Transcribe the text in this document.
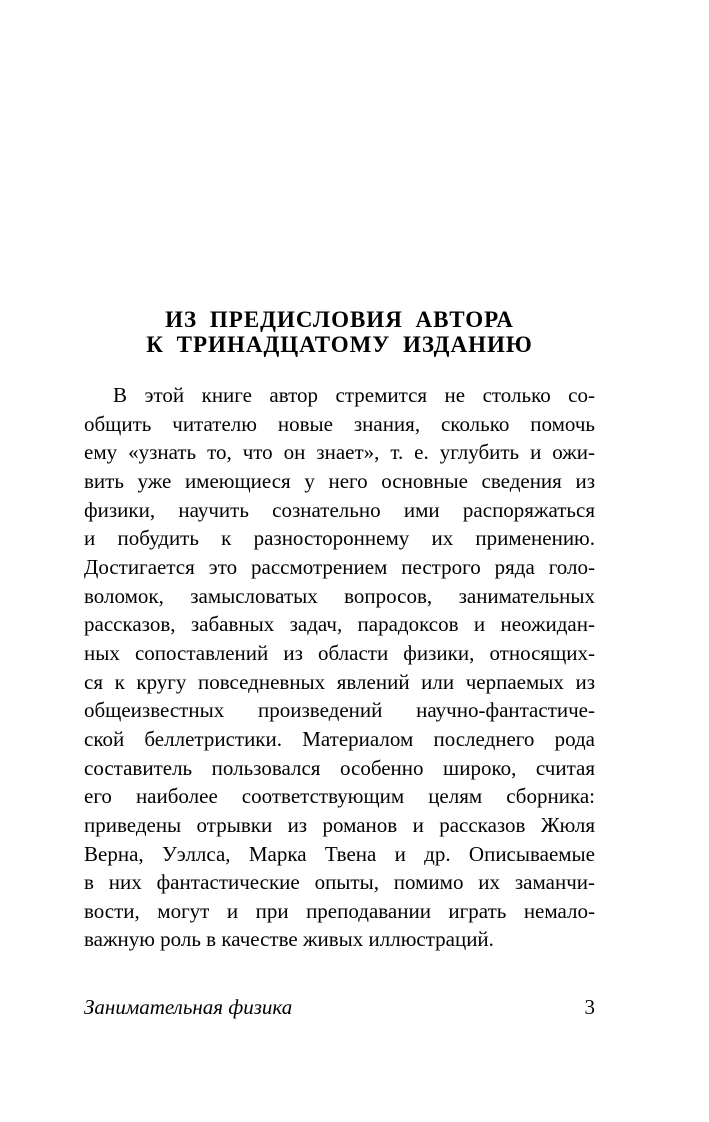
ИЗ ПРЕДИСЛОВИЯ АВТОРА
К ТРИНАДЦАТОМУ ИЗДАНИЮ
В этой книге автор стремится не столько со-
общить читателю новые знания, сколько помочь
ему «узнать то, что он знает», т. е. углубить и ожи-
вить уже имеющиеся у него основные сведения из
физики, научить сознательно ими распоряжаться
и побудить к разностороннему их применению.
Достигается это рассмотрением пестрого ряда голо-
воломок, замысловатых вопросов, занимательных
рассказов, забавных задач, парадоксов и неожидан-
ных сопоставлений из области физики, относящих-
ся к кругу повседневных явлений или черпаемых из
общеизвестных произведений научно-фантастиче-
ской беллетристики. Материалом последнего рода
составитель пользовался особенно широко, считая
его наиболее соответствующим целям сборника:
приведены отрывки из романов и рассказов Жюля
Верна, Уэллса, Марка Твена и др. Описываемые
в них фантастические опыты, помимо их заманчи-
вости, могут и при преподавании играть немало-
важную роль в качестве живых иллюстраций.
Занимательная физика	3
